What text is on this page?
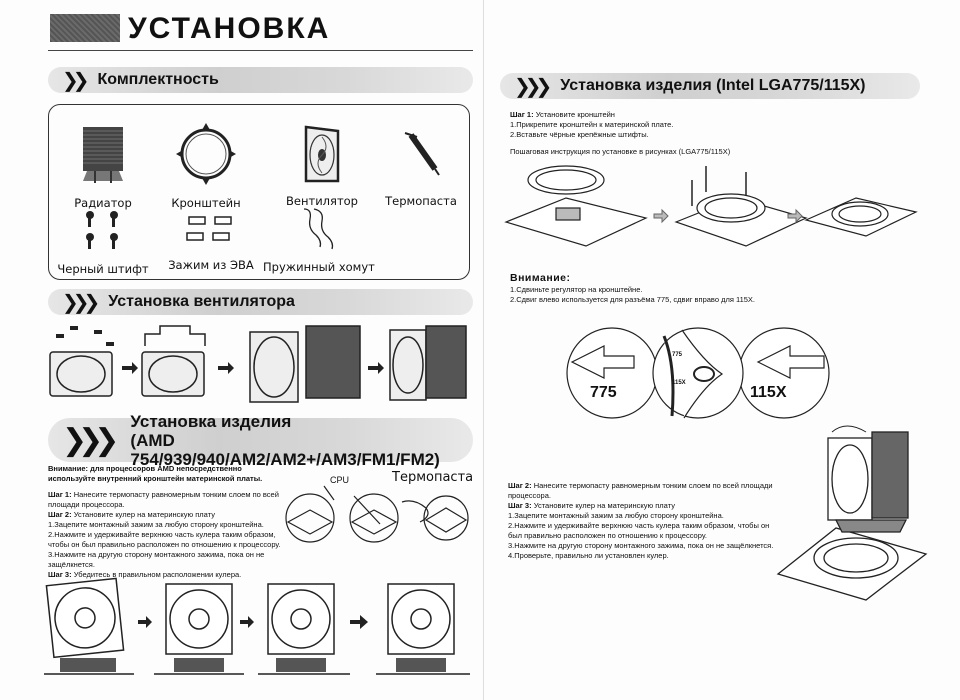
УСТАНОВКА
❯❯ Комплектность
Радиатор	Кронштейн	Вентилятор	Термопаста
Черный штифт	Зажим из ЭВА Пружинный хомут
❯❯❯ Установка вентилятора
❯❯❯
Установка изделия
(AMD 754/939/940/AM2/AM2+/AM3/FM1/FM2)

Внимание: для процессоров AMD непосредственно используйте внутренний кронштейн материнской платы.

Шаг 1: Нанесите термопасту равномерным тонким слоем по всей площади процессора.

Шаг 2: Установите кулер на материнскую плату

1.Зацепите монтажный зажим за любую сторону кронштейна.

2.Нажмите и удерживайте верхнюю часть кулера таким образом, чтобы он был правильно расположен по отношению к процессору.

3.Нажмите на другую сторону монтажного зажима, пока он не защёлкнется.

Шаг 3: Убедитесь в правильном расположении кулера.

CPU	Термопаста
❯❯❯ Установка изделия (Intel LGA775/115X)

Шаг 1: Установите кронштейн

1.Прикрепите кронштейн к материнской плате.

2.Вставьте чёрные крепёжные штифты.

Пошаговая инструкция по установке в рисунках (LGA775/115X)

Внимание:

1.Сдвиньте регулятор на кронштейне.

2.Сдвиг влево используется для разъёма 775, сдвиг вправо для 115X.

775	115X
775
115X

Шаг 2: Нанесите термопасту равномерным тонким слоем по всей площади процессора.

Шаг 3: Установите кулер на материнскую плату

1.Зацепите монтажный зажим за любую сторону кронштейна.

2.Нажмите и удерживайте верхнюю часть кулера таким образом, чтобы он был правильно расположен по отношению к процессору.

3.Нажмите на другую сторону монтажного зажима, пока он не защёлкнется.

4.Проверьте, правильно ли установлен кулер.
